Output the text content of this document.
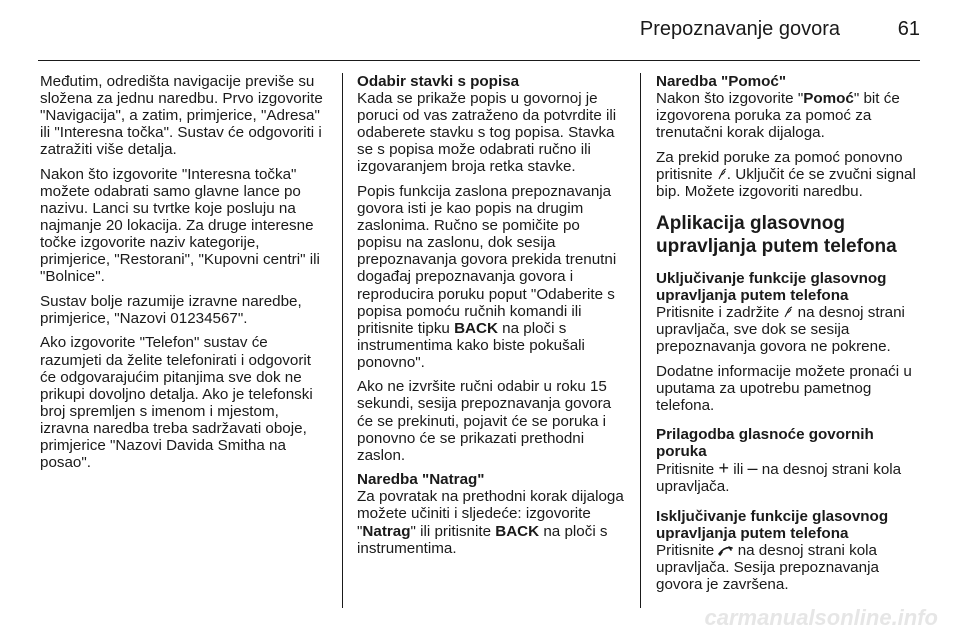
Prepoznavanje govora	61

Međutim, odredišta navigacije previše su složena za jednu naredbu. Prvo izgovorite "Navigacija", a zatim, primjerice, "Adresa" ili "Interesna točka". Sustav će odgovoriti i zatražiti više detalja.

Nakon što izgovorite "Interesna točka" možete odabrati samo glavne lance po nazivu. Lanci su tvrtke koje posluju na najmanje 20 lokacija. Za druge interesne točke izgovorite naziv kategorije, primjerice, "Restorani", "Kupovni centri" ili "Bolnice".

Sustav bolje razumije izravne naredbe, primjerice, "Nazovi 01234567".

Ako izgovorite "Telefon" sustav će razumjeti da želite telefonirati i odgovorit će odgovarajućim pitanjima sve dok ne prikupi dovoljno detalja. Ako je telefonski broj spremljen s imenom i mjestom, izravna naredba treba sadržavati oboje, primjerice "Nazovi Davida Smitha na posao".

Odabir stavki s popisa

Kada se prikaže popis u govornoj je poruci od vas zatraženo da potvrdite ili odaberete stavku s tog popisa. Stavka se s popisa može odabrati ručno ili izgovaranjem broja retka stavke.

Popis funkcija zaslona prepoznavanja govora isti je kao popis na drugim zaslonima. Ručno se pomičite po popisu na zaslonu, dok sesija prepoznavanja govora prekida trenutni događaj prepoznavanja govora i reproducira poruku poput "Odaberite s popisa pomoću ručnih komandi ili pritisnite tipku BACK na ploči s instrumentima kako biste pokušali ponovno".

Ako ne izvršite ručni odabir u roku 15 sekundi, sesija prepoznavanja govora će se prekinuti, pojavit će se poruka i ponovno će se prikazati prethodni zaslon.

Naredba "Natrag"

Za povratak na prethodni korak dijaloga možete učiniti i sljedeće: izgovorite "Natrag" ili pritisnite BACK na ploči s instrumentima.

Naredba "Pomoć"

Nakon što izgovorite "Pomoć" bit će izgovorena poruka za pomoć za trenutačni korak dijaloga.

Za prekid poruke za pomoć ponovno pritisnite . Uključit će se zvučni signal bip. Možete izgovoriti naredbu.

Aplikacija glasovnog upravljanja putem telefona
Uključivanje funkcije glasovnog upravljanja putem telefona

Pritisnite i zadržite  na desnoj strani upravljača, sve dok se sesija prepoznavanja govora ne pokrene.

Dodatne informacije možete pronaći u uputama za upotrebu pametnog telefona.

Prilagodba glasnoće govornih poruka

Pritisnite + ili – na desnoj strani kola upravljača.

Isključivanje funkcije glasovnog upravljanja putem telefona

Pritisnite  na desnoj strani kola upravljača. Sesija prepoznavanja govora je završena.

carmanualsonline.info
